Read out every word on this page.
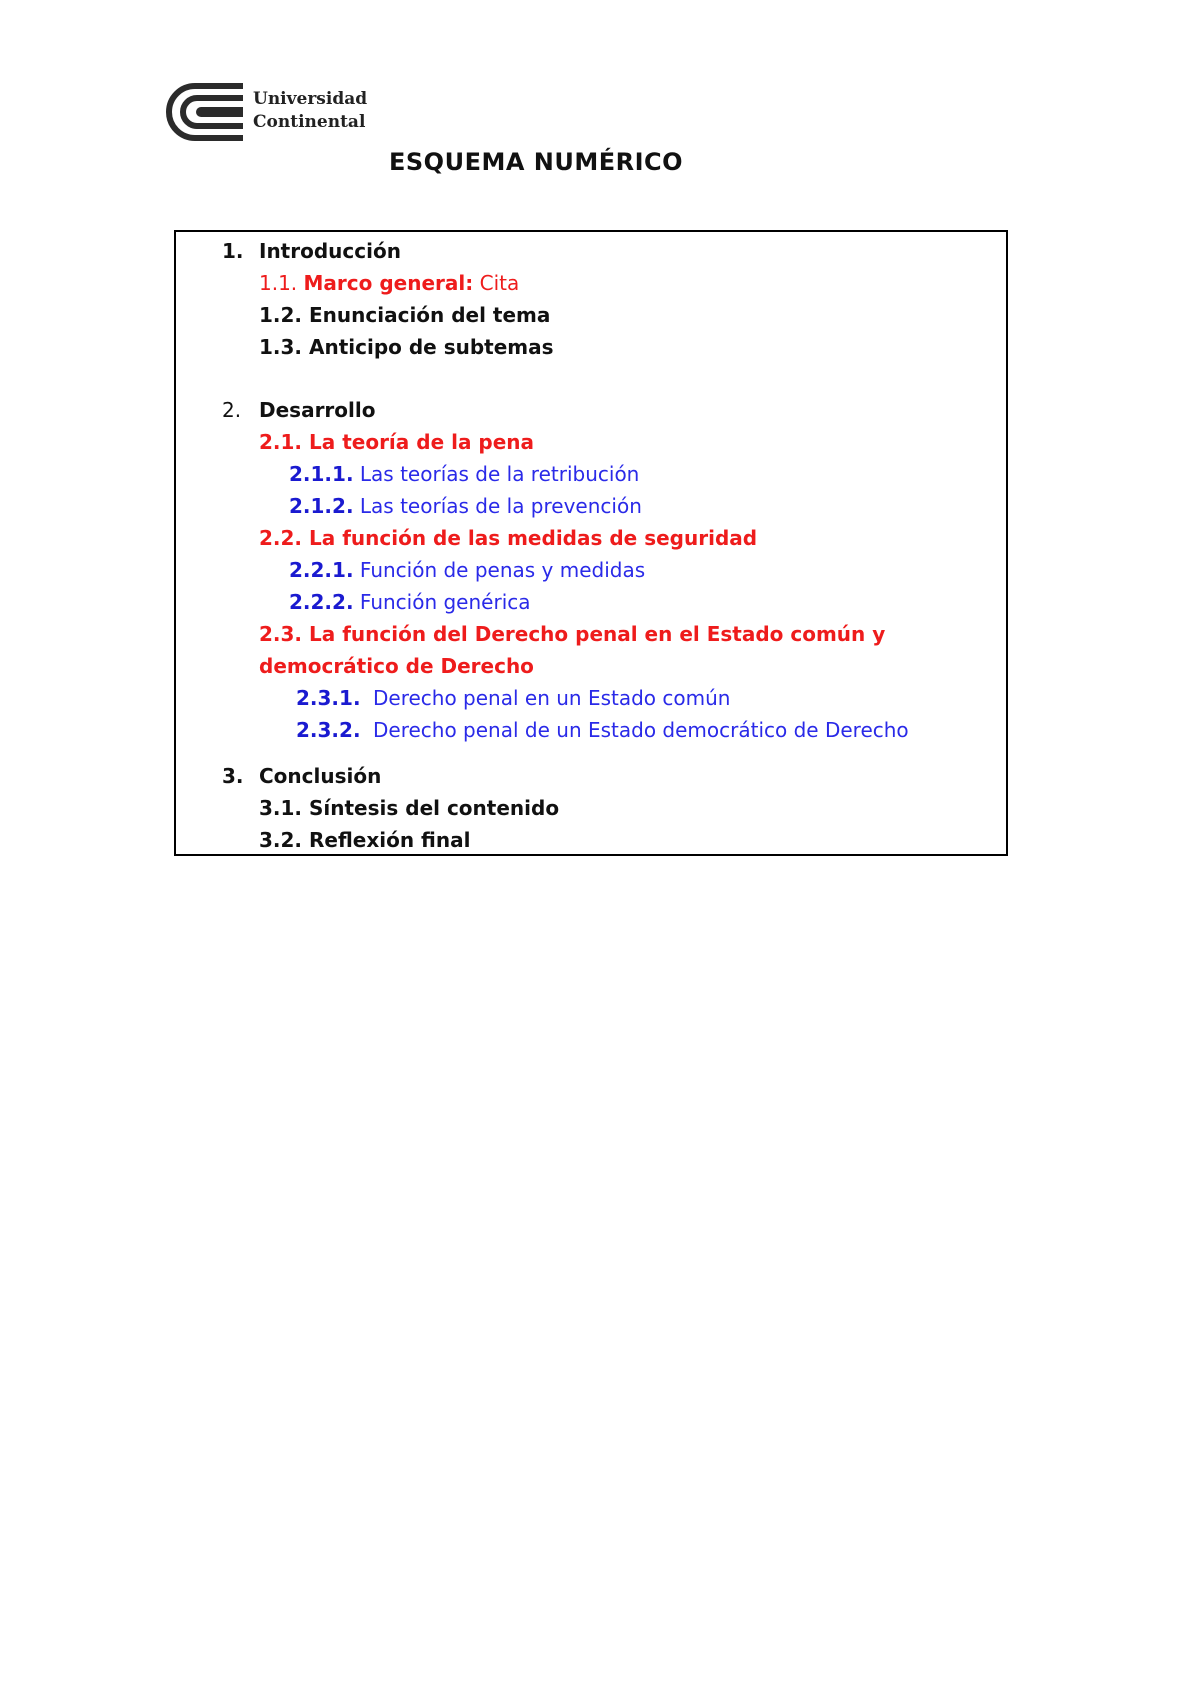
Universidad
Continental
ESQUEMA NUMÉRICO
1. Introducción
1.1. Marco general: Cita
1.2. Enunciación del tema
1.3. Anticipo de subtemas
2. Desarrollo
2.1. La teoría de la pena
2.1.1. Las teorías de la retribución
2.1.2. Las teorías de la prevención
2.2. La función de las medidas de seguridad
2.2.1. Función de penas y medidas
2.2.2. Función genérica
2.3. La función del Derecho penal en el Estado común y
democrático de Derecho
2.3.1. Derecho penal en un Estado común
2.3.2. Derecho penal de un Estado democrático de Derecho
3. Conclusión
3.1. Síntesis del contenido
3.2. Reflexión final
